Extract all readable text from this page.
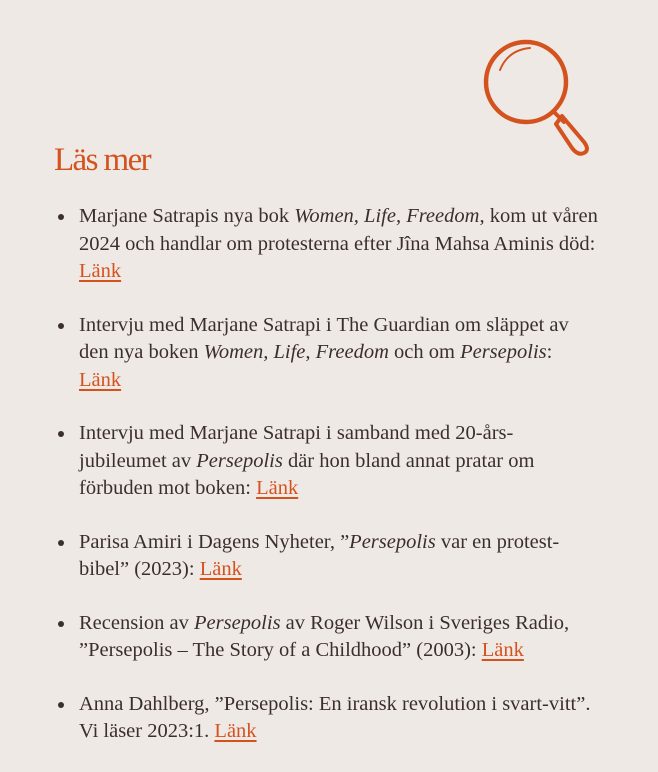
Läs mer
Marjane Satrapis nya bok Women, Life, Freedom, kom ut våren 2024 och handlar om protesterna efter Jîna Mahsa Aminis död: Länk
Intervju med Marjane Satrapi i The Guardian om släppet av den nya boken Women, Life, Freedom och om Persepolis: Länk
Intervju med Marjane Satrapi i samband med 20-års-jubileumet av Persepolis där hon bland annat pratar om förbuden mot boken: Länk
Parisa Amiri i Dagens Nyheter, ”Persepolis var en protest-bibel” (2023): Länk
Recension av Persepolis av Roger Wilson i Sveriges Radio, ”Persepolis – The Story of a Childhood” (2003): Länk
Anna Dahlberg, ”Persepolis: En iransk revolution i svart-vitt”. Vi läser 2023:1. Länk
